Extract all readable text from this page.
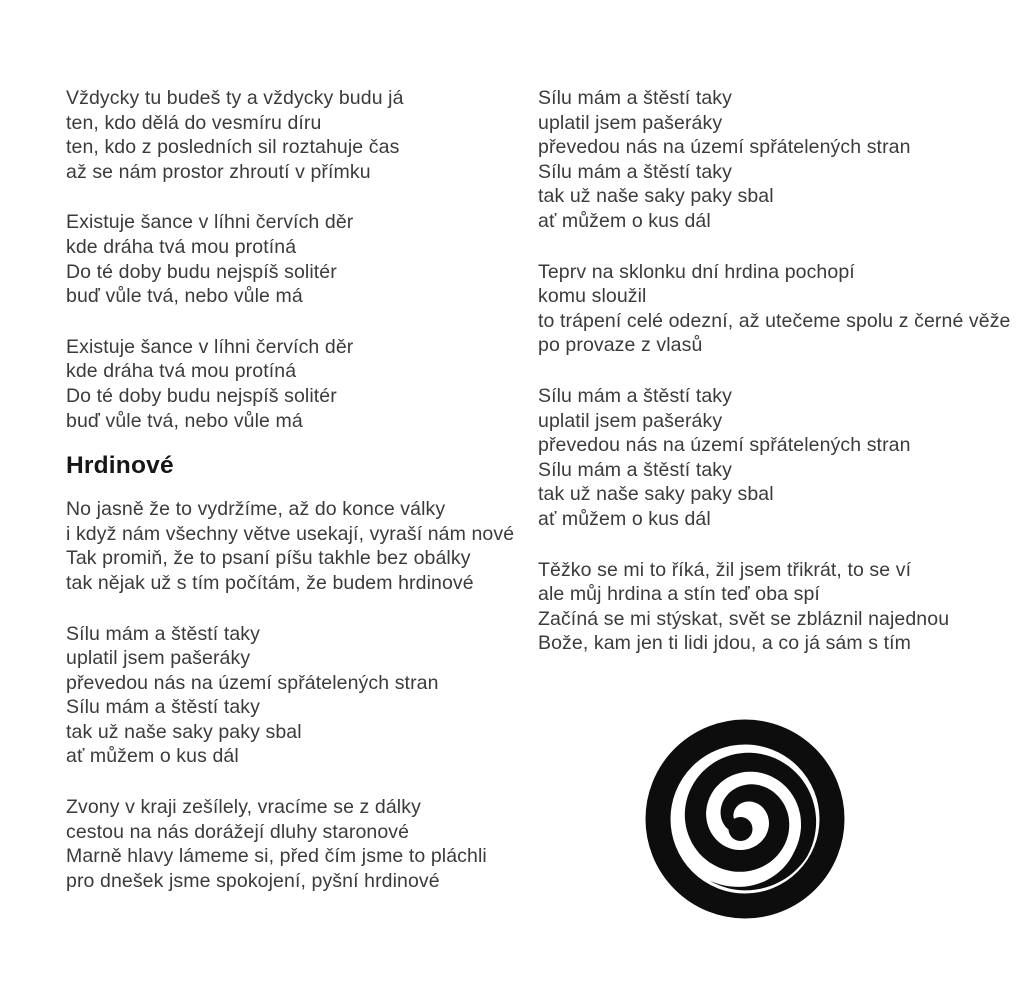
Vždycky tu budeš ty a vždycky budu já
ten, kdo dělá do vesmíru díru
ten, kdo z posledních sil roztahuje čas
až se nám prostor zhroutí v přímku
Existuje šance v líhni červích děr
kde dráha tvá mou protíná
Do té doby budu nejspíš solitér
buď vůle tvá, nebo vůle má
Existuje šance v líhni červích děr
kde dráha tvá mou protíná
Do té doby budu nejspíš solitér
buď vůle tvá, nebo vůle má
Hrdinové
No jasně že to vydržíme, až do konce války
i když nám všechny větve usekají, vyraší nám nové
Tak promiň, že to psaní píšu takhle bez obálky
tak nějak už s tím počítám, že budem hrdinové
Sílu mám a štěstí taky
uplatil jsem pašeráky
převedou nás na území spřátelených stran
Sílu mám a štěstí taky
tak už naše saky paky sbal
ať můžem o kus dál
Zvony v kraji zešílely, vracíme se z dálky
cestou na nás dorážejí dluhy staronové
Marně hlavy lámeme si, před čím jsme to pláchli
pro dnešek jsme spokojení, pyšní hrdinové
Sílu mám a štěstí taky
uplatil jsem pašeráky
převedou nás na území spřátelených stran
Sílu mám a štěstí taky
tak už naše saky paky sbal
ať můžem o kus dál
Teprv na sklonku dní hrdina pochopí
komu sloužil
to trápení celé odezní, až utečeme spolu z černé věže
po provaze z vlasů
Sílu mám a štěstí taky
uplatil jsem pašeráky
převedou nás na území spřátelených stran
Sílu mám a štěstí taky
tak už naše saky paky sbal
ať můžem o kus dál
Těžko se mi to říká, žil jsem třikrát, to se ví
ale můj hrdina a stín teď oba spí
Začíná se mi stýskat, svět se zbláznil najednou
Bože, kam jen ti lidi jdou, a co já sám s tím
